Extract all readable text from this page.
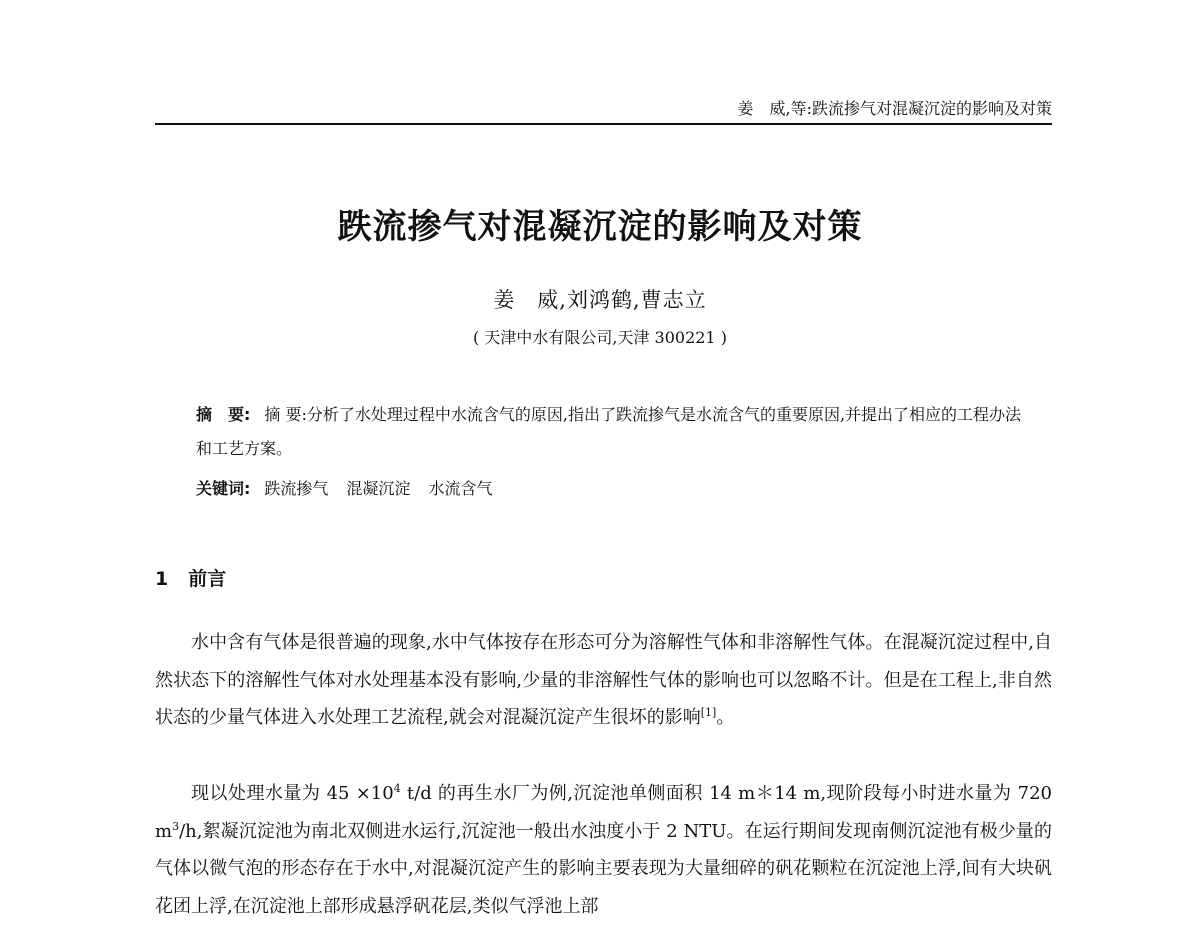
姜　威,等:跌流掺气对混凝沉淀的影响及对策
跌流掺气对混凝沉淀的影响及对策
姜　威,刘鸿鹤,曹志立
( 天津中水有限公司,天津 300221 )
摘　要: 摘 要:分析了水处理过程中水流含气的原因,指出了跌流掺气是水流含气的重要原因,并提出了相应的工程办法和工艺方案。
关键词: 跌流掺气 混凝沉淀 水流含气
1 前言
水中含有气体是很普遍的现象,水中气体按存在形态可分为溶解性气体和非溶解性气体。在混凝沉淀过程中,自然状态下的溶解性气体对水处理基本没有影响,少量的非溶解性气体的影响也可以忽略不计。但是在工程上,非自然状态的少量气体进入水处理工艺流程,就会对混凝沉淀产生很坏的影响[1]。
现以处理水量为 $45 \times 10^4$ t/d 的再生水厂为例,沉淀池单侧面积 14 m＊14 m,现阶段每小时进水量为 720 $m^3/h$,絮凝沉淀池为南北双侧进水运行,沉淀池一般出水浊度小于 2 NTU。在运行期间发现南侧沉淀池有极少量的气体以微气泡的形态存在于水中,对混凝沉淀产生的影响主要表现为大量细碎的矾花颗粒在沉淀池上浮,间有大块矾花团上浮,在沉淀池上部形成悬浮矾花层,类似气浮池上部
